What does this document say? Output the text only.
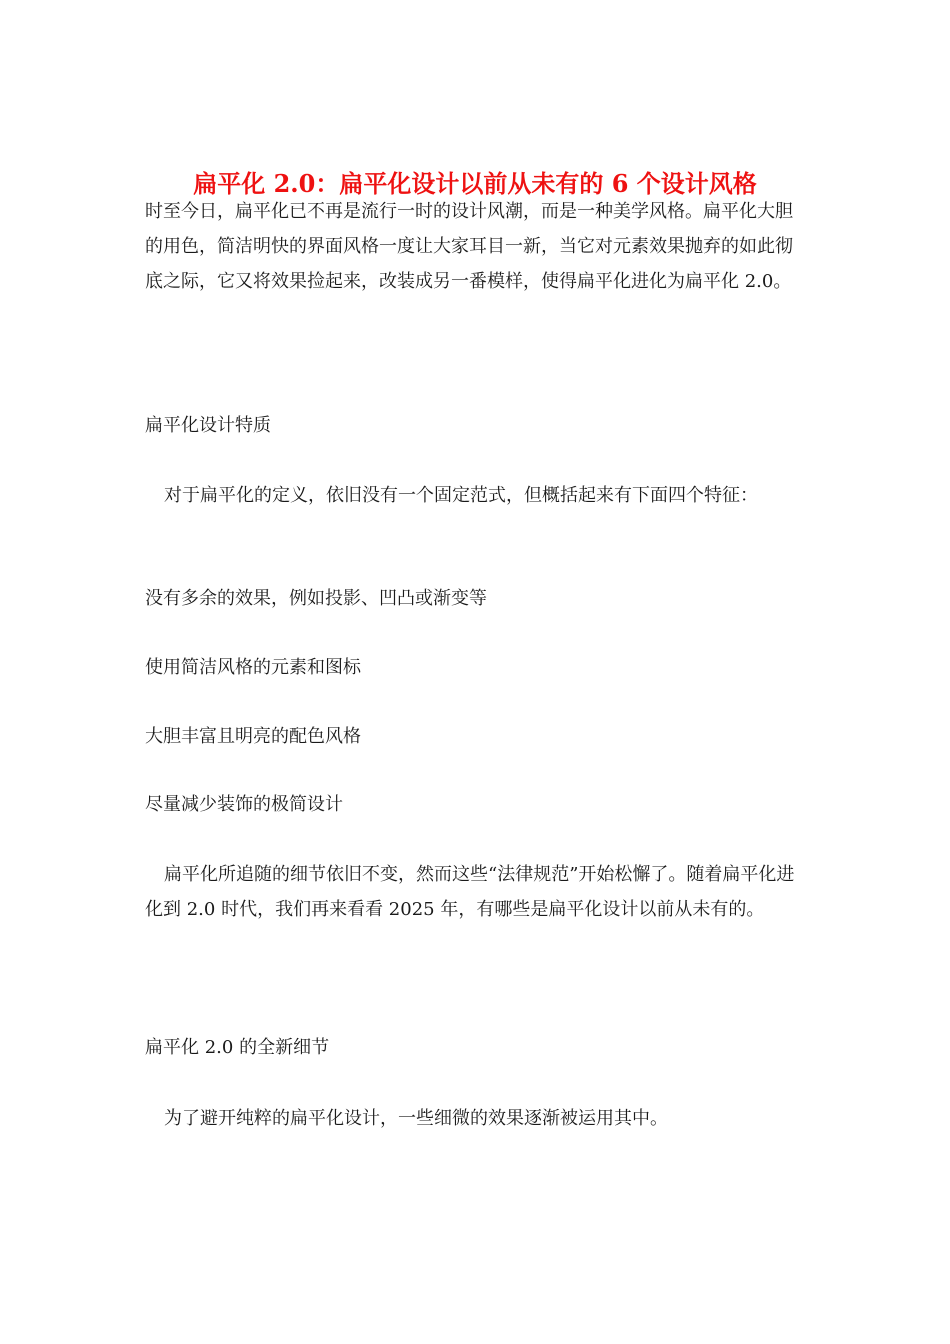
扁平化 2.0：扁平化设计以前从未有的 6 个设计风格

时至今日，扁平化已不再是流行一时的设计风潮，而是一种美学风格。扁平化大胆的用色，简洁明快的界面风格一度让大家耳目一新，当它对元素效果抛弃的如此彻底之际，它又将效果捡起来，改装成另一番模样，使得扁平化进化为扁平化 2.0。

扁平化设计特质

对于扁平化的定义，依旧没有一个固定范式，但概括起来有下面四个特征：

没有多余的效果，例如投影、凹凸或渐变等

使用简洁风格的元素和图标

大胆丰富且明亮的配色风格

尽量减少装饰的极简设计

扁平化所追随的细节依旧不变，然而这些“法律规范”开始松懈了。随着扁平化进化到 2.0 时代，我们再来看看 2025 年，有哪些是扁平化设计以前从未有的。

扁平化 2.0 的全新细节

为了避开纯粹的扁平化设计，一些细微的效果逐渐被运用其中。
